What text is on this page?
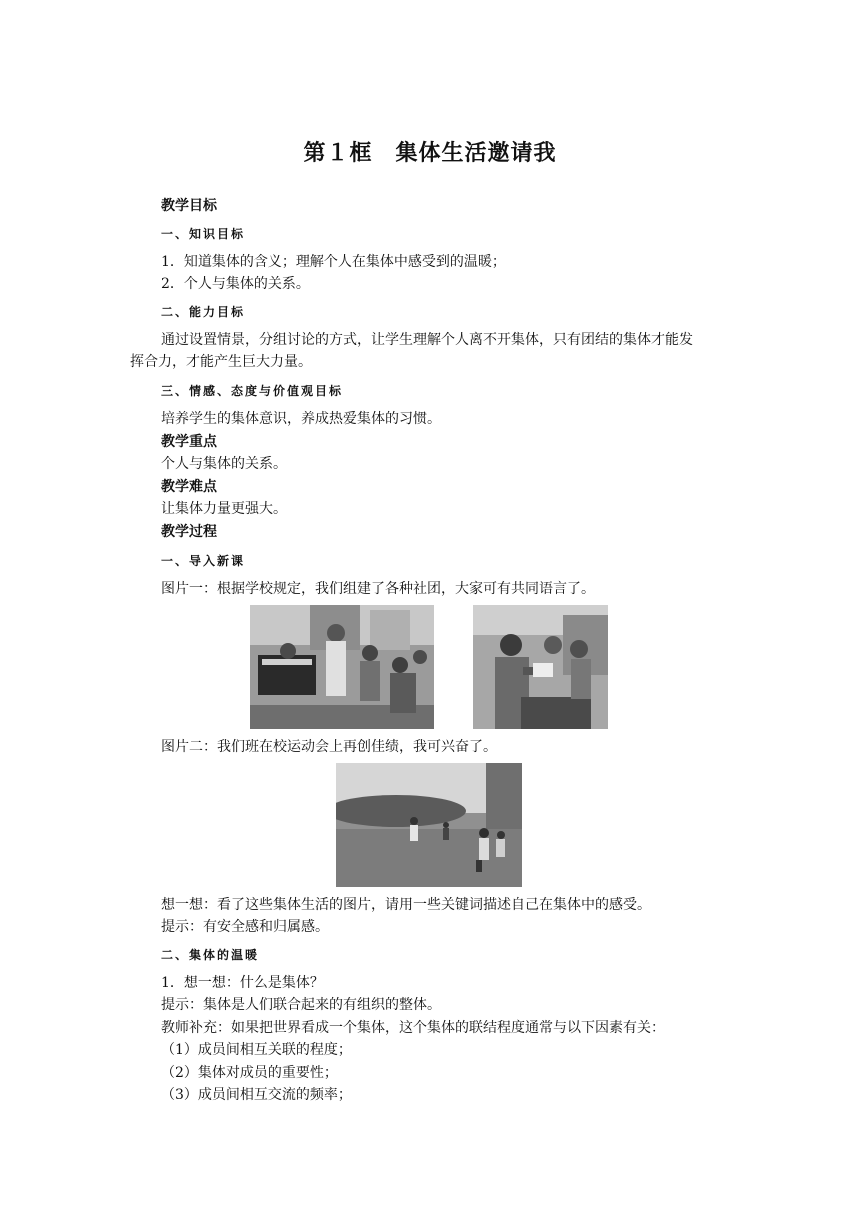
第１框　集体生活邀请我
教学目标
一、知识目标
1．知道集体的含义；理解个人在集体中感受到的温暖；
2．个人与集体的关系。
二、能力目标
通过设置情景，分组讨论的方式，让学生理解个人离不开集体，只有团结的集体才能发
挥合力，才能产生巨大力量。
三、情感、态度与价值观目标
培养学生的集体意识，养成热爱集体的习惯。
教学重点
个人与集体的关系。
教学难点
让集体力量更强大。
教学过程
一、导入新课
图片一：根据学校规定，我们组建了各种社团，大家可有共同语言了。
图片二：我们班在校运动会上再创佳绩，我可兴奋了。
想一想：看了这些集体生活的图片，请用一些关键词描述自己在集体中的感受。
提示：有安全感和归属感。
二、集体的温暖
1．想一想：什么是集体？
提示：集体是人们联合起来的有组织的整体。
教师补充：如果把世界看成一个集体，这个集体的联结程度通常与以下因素有关：
（1）成员间相互关联的程度；
（2）集体对成员的重要性；
（3）成员间相互交流的频率；
